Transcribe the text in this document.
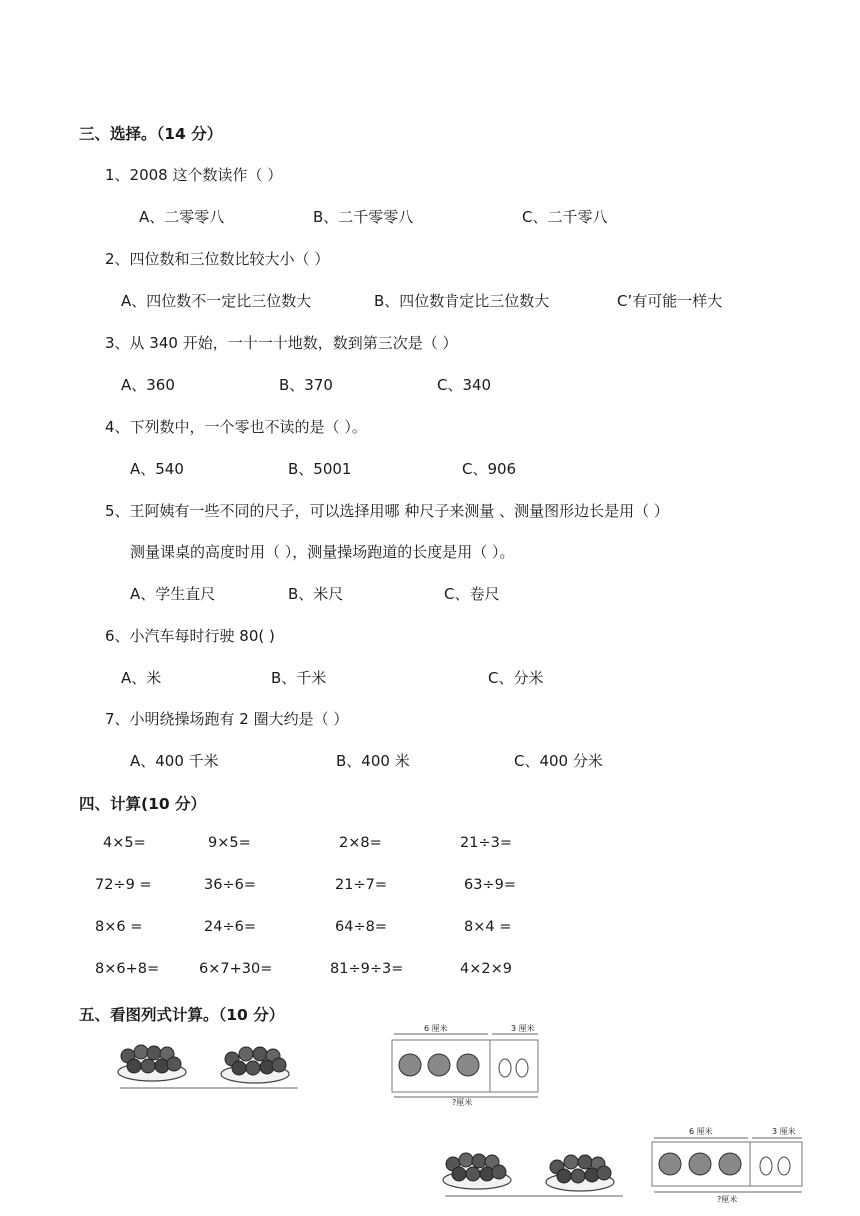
三、选择。（14 分）
1、2008 这个数读作（ ）
A、二零零八	B、二千零零八	C、二千零八
2、四位数和三位数比较大小（ ）
A、四位数不一定比三位数大	B、四位数肯定比三位数大	C’有可能一样大
3、从 340 开始，一十一十地数，数到第三次是（ ）
A、360	B、370	C、340
4、下列数中，一个零也不读的是（ ）。
A、540	B、5001	C、906
5、王阿姨有一些不同的尺子，可以选择用哪 种尺子来测量 、测量图形边长是用（ ）
测量课桌的高度时用（ ），测量操场跑道的长度是用（ ）。
A、学生直尺	B、米尺	C、卷尺
6、小汽车每时行驶 80( )
A、米	B、千米	C、分米
7、小明绕操场跑有 2 圈大约是（ ）
A、400 千米	B、400 米	C、400 分米
四、计算(10 分）
4×5=	9×5=	2×8=	21÷3=
72÷9 =	36÷6=	21÷7=	63÷9=
8×6 =	24÷6=	64÷8=	8×4 =
8×6+8=	6×7+30=	81÷9÷3=	4×2×9
五、看图列式计算。（10 分）
6 厘米	3 厘米
?厘米
6 厘米	3 厘米
?厘米
